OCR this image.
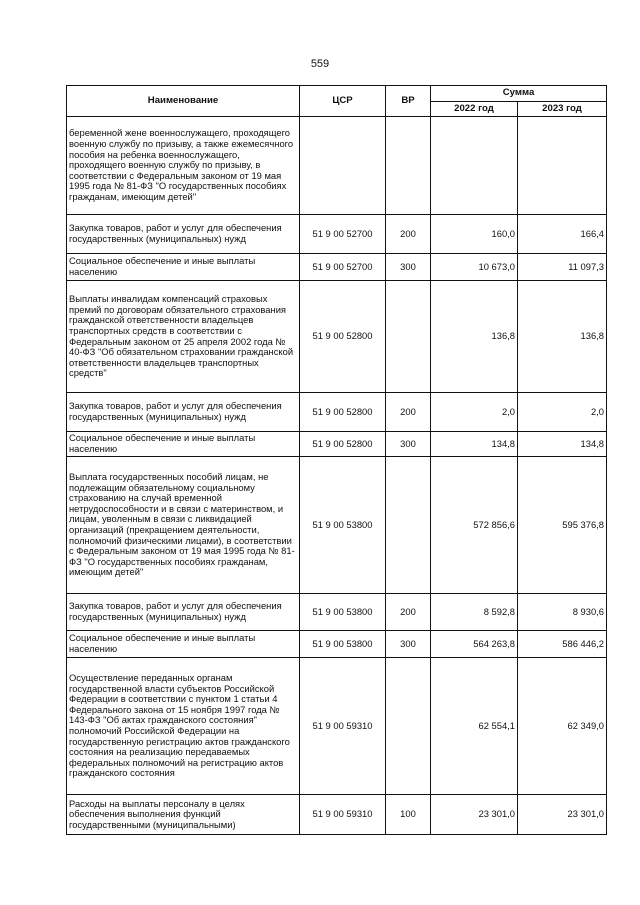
559
Наименование	ЦСР	ВР	Сумма	
			2022 год	2023 год
беременной жене военнослужащего, проходящего военную службу по призыву, а также ежемесячного пособия на ребенка военнослужащего, проходящего военную службу по призыву, в соответствии с Федеральным законом от 19 мая 1995 года № 81-ФЗ "О государственных пособиях гражданам, имеющим детей"				
Закупка товаров, работ и услуг для обеспечения государственных (муниципальных) нужд	51 9 00 52700	200	160,0	166,4
Социальное обеспечение и иные выплаты населению	51 9 00 52700	300	10 673,0	11 097,3
Выплаты инвалидам компенсаций страховых премий по договорам обязательного страхования гражданской ответственности владельцев транспортных средств в соответствии с Федеральным законом от 25 апреля 2002 года № 40-ФЗ "Об обязательном страховании гражданской ответственности владельцев транспортных средств"	51 9 00 52800		136,8	136,8
Закупка товаров, работ и услуг для обеспечения государственных (муниципальных) нужд	51 9 00 52800	200	2,0	2,0
Социальное обеспечение и иные выплаты населению	51 9 00 52800	300	134,8	134,8
Выплата государственных пособий лицам, не подлежащим обязательному социальному страхованию на случай временной нетрудоспособности и в связи с материнством, и лицам, уволенным в связи с ликвидацией организаций (прекращением деятельности, полномочий физическими лицами), в соответствии с Федеральным законом от 19 мая 1995 года № 81-ФЗ "О государственных пособиях гражданам, имеющим детей"	51 9 00 53800		572 856,6	595 376,8
Закупка товаров, работ и услуг для обеспечения государственных (муниципальных) нужд	51 9 00 53800	200	8 592,8	8 930,6
Социальное обеспечение и иные выплаты населению	51 9 00 53800	300	564 263,8	586 446,2
Осуществление переданных органам государственной власти субъектов Российской Федерации в соответствии с пунктом 1 статьи 4 Федерального закона от 15 ноября 1997 года № 143-ФЗ "Об актах гражданского состояния" полномочий Российской Федерации на государственную регистрацию актов гражданского состояния на реализацию передаваемых федеральных полномочий на регистрацию актов гражданского состояния	51 9 00 59310		62 554,1	62 349,0
Расходы на выплаты персоналу в целях обеспечения выполнения функций государственными (муниципальными)	51 9 00 59310	100	23 301,0	23 301,0
